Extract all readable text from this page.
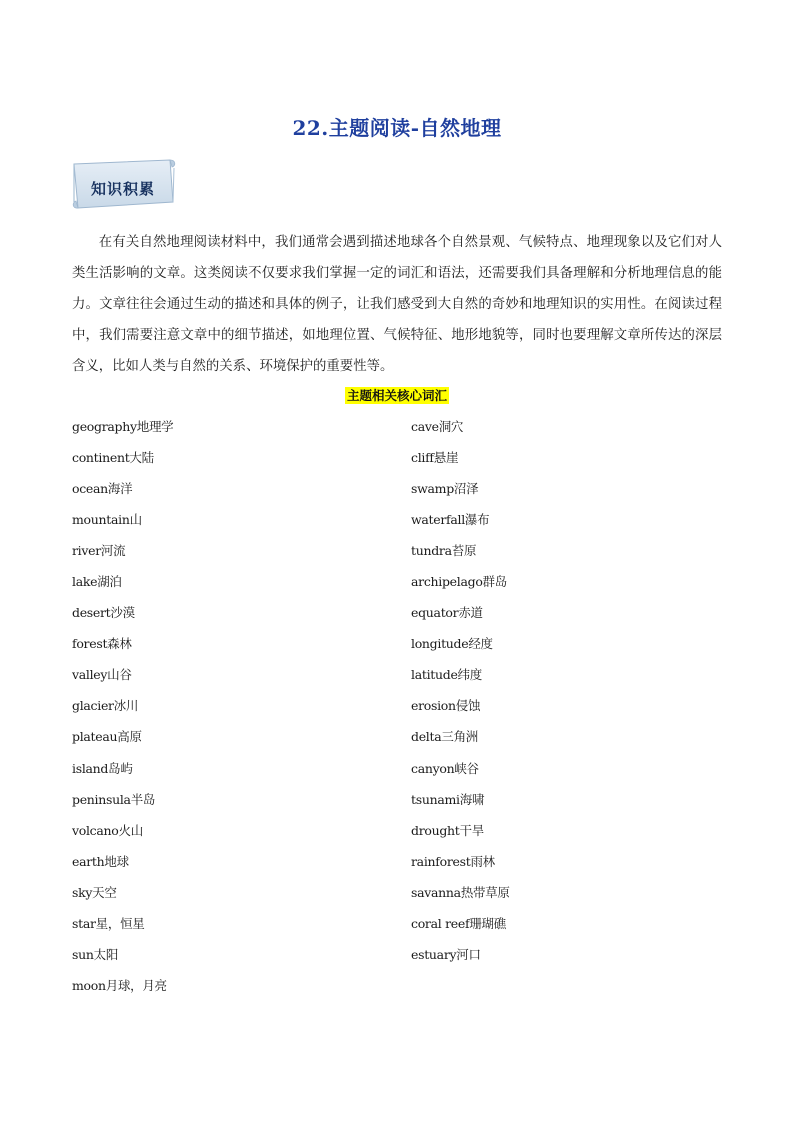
22.主题阅读-自然地理
知识积累

在有关自然地理阅读材料中，我们通常会遇到描述地球各个自然景观、气候特点、地理现象以及它们对人类生活影响的文章。这类阅读不仅要求我们掌握一定的词汇和语法，还需要我们具备理解和分析地理信息的能力。文章往往会通过生动的描述和具体的例子，让我们感受到大自然的奇妙和地理知识的实用性。在阅读过程中，我们需要注意文章中的细节描述，如地理位置、气候特征、地形地貌等，同时也要理解文章所传达的深层含义，比如人类与自然的关系、环境保护的重要性等。

主题相关核心词汇
geography地理学	cave洞穴
continent大陆	cliff悬崖
ocean海洋	swamp沼泽
mountain山	waterfall瀑布
river河流	tundra苔原
lake湖泊	archipelago群岛
desert沙漠	equator赤道
forest森林	longitude经度
valley山谷	latitude纬度
glacier冰川	erosion侵蚀
plateau高原	delta三角洲
island岛屿	canyon峡谷
peninsula半岛	tsunami海啸
volcano火山	drought干旱
earth地球	rainforest雨林
sky天空	savanna热带草原
star星，恒星	coral reef珊瑚礁
sun太阳	estuary河口
moon月球，月亮
